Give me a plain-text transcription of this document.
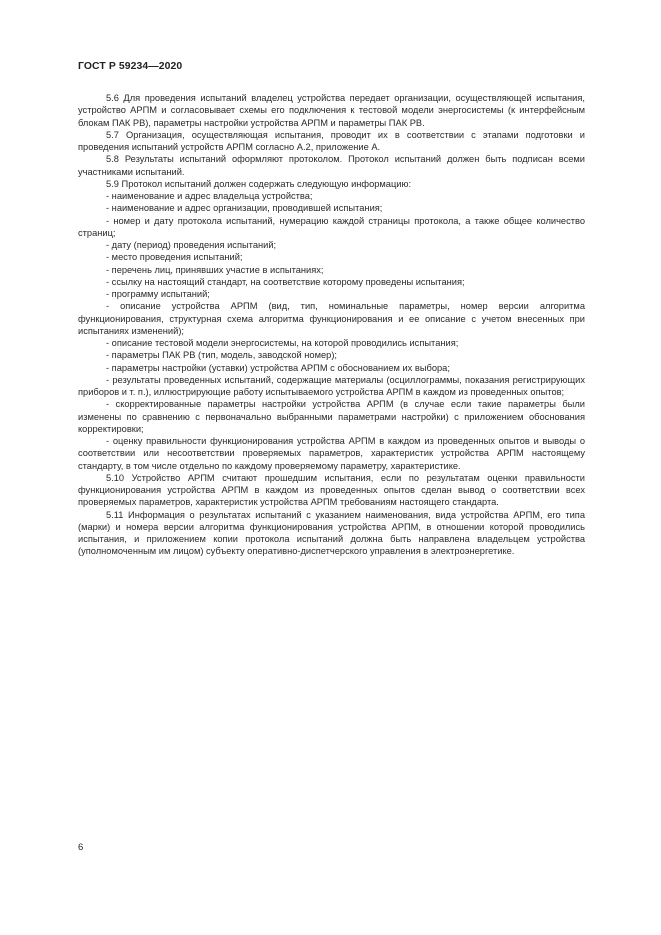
ГОСТ Р 59234—2020

5.6 Для проведения испытаний владелец устройства передает организации, осуществляющей испытания, устройство АРПМ и согласовывает схемы его подключения к тестовой модели энергосистемы (к интерфейсным блокам ПАК РВ), параметры настройки устройства АРПМ и параметры ПАК РВ.

5.7 Организация, осуществляющая испытания, проводит их в соответствии с этапами подготовки и проведения испытаний устройств АРПМ согласно А.2, приложение А.

5.8 Результаты испытаний оформляют протоколом. Протокол испытаний должен быть подписан всеми участниками испытаний.

5.9 Протокол испытаний должен содержать следующую информацию:

- наименование и адрес владельца устройства;

- наименование и адрес организации, проводившей испытания;

- номер и дату протокола испытаний, нумерацию каждой страницы протокола, а также общее количество страниц;

- дату (период) проведения испытаний;

- место проведения испытаний;

- перечень лиц, принявших участие в испытаниях;

- ссылку на настоящий стандарт, на соответствие которому проведены испытания;

- программу испытаний;

- описание устройства АРПМ (вид, тип, номинальные параметры, номер версии алгоритма функционирования, структурная схема алгоритма функционирования и ее описание с учетом внесенных при испытаниях изменений);

- описание тестовой модели энергосистемы, на которой проводились испытания;

- параметры ПАК РВ (тип, модель, заводской номер);

- параметры настройки (уставки) устройства АРПМ с обоснованием их выбора;

- результаты проведенных испытаний, содержащие материалы (осциллограммы, показания регистрирующих приборов и т. п.), иллюстрирующие работу испытываемого устройства АРПМ в каждом из проведенных опытов;

- скорректированные параметры настройки устройства АРПМ (в случае если такие параметры были изменены по сравнению с первоначально выбранными параметрами настройки) с приложением обоснования корректировки;

- оценку правильности функционирования устройства АРПМ в каждом из проведенных опытов и выводы о соответствии или несоответствии проверяемых параметров, характеристик устройства АРПМ настоящему стандарту, в том числе отдельно по каждому проверяемому параметру, характеристике.

5.10 Устройство АРПМ считают прошедшим испытания, если по результатам оценки правильности функционирования устройства АРПМ в каждом из проведенных опытов сделан вывод о соответствии всех проверяемых параметров, характеристик устройства АРПМ требованиям настоящего стандарта.

5.11 Информация о результатах испытаний с указанием наименования, вида устройства АРПМ, его типа (марки) и номера версии алгоритма функционирования устройства АРПМ, в отношении которой проводились испытания, и приложением копии протокола испытаний должна быть направлена владельцем устройства (уполномоченным им лицом) субъекту оперативно-диспетчерского управления в электроэнергетике.

6
